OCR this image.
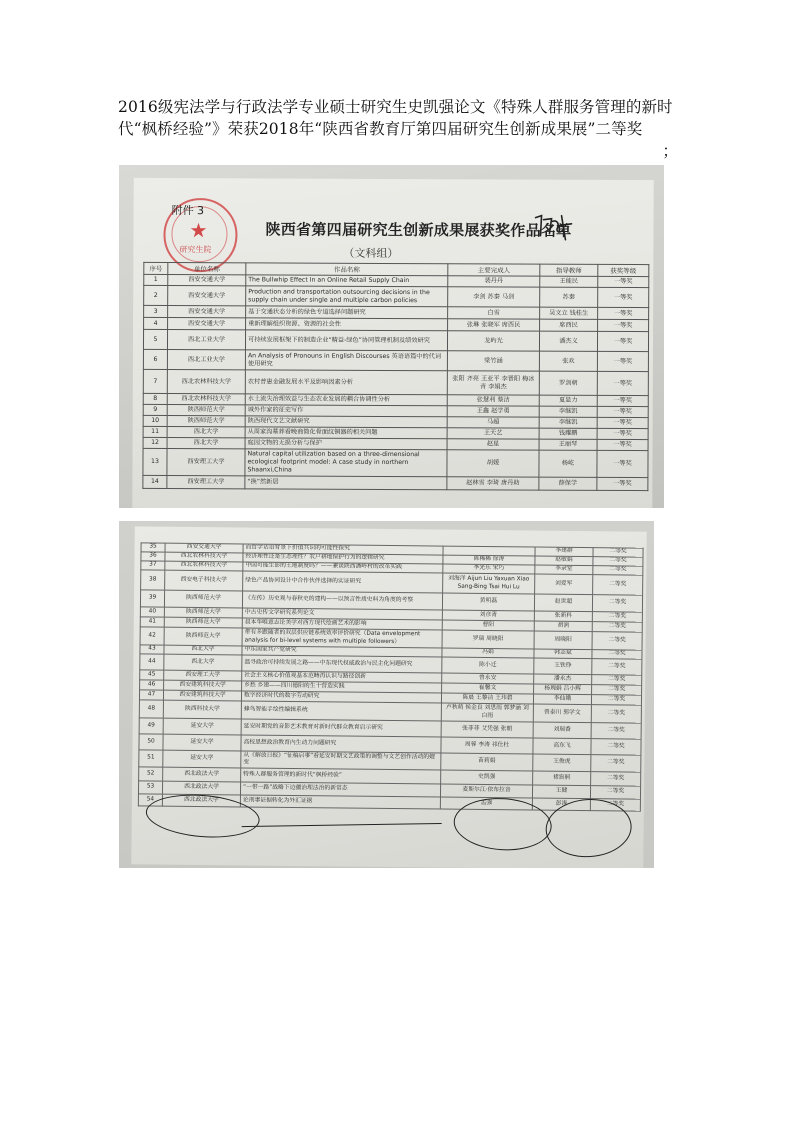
2016级宪法学与行政法学专业硕士研究生史凯强论文《特殊人群服务管理的新时代“枫桥经验”》荣获2018年“陕西省教育厅第四届研究生创新成果展”二等奖
；
★
研究生院
附件 3
陕西省第四届研究生创新成果展获奖作品名单
（文科组）
序号	单位名称	作品名称	主要完成人	指导教师	获奖等级
1	西安交通大学	The Bullwhip Effect In an Online Retail Supply Chain	裴丹丹	王能民	一等奖
2	西安交通大学	Production and transportation outsourcing decisions in the supply chain under single and multiple carbon policies	李剑 苏秦 马剑	苏秦	一等奖
3	西安交通大学	基于交通状态分析的绿色专道选择问题研究	白雪	吴文立 钱桂生	一等奖
4	西安交通大学	重新理解组织资源、资源的社会性	张琳 张晓军 席酉民	席酉民	一等奖
5	西北工业大学	可持续发展框架下的制造企业“精益-绿色”协同管理机制及绩效研究	龙屿光	潘杰义	一等奖
6	西北工业大学	An Analysis of Pronouns in English Discourses 英语语篇中的代词使用研究	梁竹涵	张欢	一等奖
7	西北农林科技大学	农村普惠金融发展水平及影响因素分析	张阳 齐亮 王亚平 李晋阳 梅冰青 李娟杰	罗剑朝	一等奖
8	西北农林科技大学	水土流失治理效益与生态农业发展的耦合协调性分析	张慧利 蔡洁	夏显力	一等奖
9	陕西师范大学	城外作家的征史写作	王鑫 赵学勇	李继凯	一等奖
10	陕西师范大学	陕西现代文艺文献研究	马超	李继凯	一等奖
11	西北大学	从周家沟墓葬看晚商简化骨面纹铜器的相关问题	王天艺	钱耀鹏	一等奖
12	西北大学	庭园文物的无损分析与保护	赵星	王丽琴	一等奖
13	西安理工大学	Natural capital utilization based on a three-dimensional ecological footprint model: A case study in northern Shaanxi,China	胡媛	杨屹	一等奖
14	西安理工大学	“换”然新居	赵林雪 李琦 唐丹助	薛保学	一等奖
35	西安交通大学	而哲学话语背景下价值共识的可能性探究		李建群	二等奖
36	西北农林科技大学	经济理性还是生态理性？农户耕地保护行为的逻辑研究	陈稀稀 徐涛	赵敏娟	二等奖
37	西北农林科技大学	中国可能生影的土地制度吗？——兼谈陕西潘岭村的改革实践	李光乐 宋巧	李录堂	二等奖
38	西安电子科技大学	绿色产品协同设计中合作伙伴选择的实证研究	刘海洋 Aijun Liu Yaxuan Xiao Sang-Bing Tsai Hui Lu	刘爱军	二等奖
39	陕西师范大学	《左传》历史观与春秋史的建构——以预言性质史料为角度的考察	黄明磊	赵世超	二等奖
40	陕西师范大学	中古史传文学研究系列论文	刘彦青	张新科	二等奖
41	陕西师范大学	叔本华唯意志论美学对西方现代绘画艺术的影响	曹阳	胡润	二等奖
42	陕西师范大学	带有多跟随者的双层供应链系统效率评价研究（Data envelopment analysis for bi-level systems with multiple followers）	罗瑞 周晓阳	周晓阳	二等奖
43	西北大学	中东国家共产党研究	冯娟	韩志斌	二等奖
44	西北大学	温寻政治可持续发展之路——中东现代权威政治与民主化问题研究	陈小迁	王铁铮	二等奖
45	西安理工大学	社会主义核心价值观基本范畴再认识与路径创新	曾永安	潘永杰	二等奖
46	西安建筑科技大学	乡愁 乡建——四川德阳的生十营造实践	崔馨文	杨琬娟 吕小辉	二等奖
47	西安建筑科技大学	数字经济时代的数字劳动研究	陈晨 王黎洁 王玮碧	李仙娥	二等奖
48	陕西科技大学	蜂鸟智能手绘性编辑系统	卢秋萌 侯金良 刘思雨 郭梦涵 刘白雨	曾泰川 郭学文	二等奖
49	延安大学	延安时期党的音影艺术教育对新时代群众教育启示研究	张菲菲 艾凭强 张朝	刘瑞香	二等奖
50	延安大学	高校思想政治教育内生动力问题研究	周蓉 李涛 祁仕杜	高东飞	二等奖
51	延安大学	从《解放日报》“征稿启事”看延安时期文艺政策的调整与文艺创作活动的嬗变	苗莉娟	王俊虎	二等奖
52	西北政法大学	特殊人群服务管理的新时代“枫桥经验”	史凯强	褚宸舸	二等奖
53	西北政法大学	“一带一路”战略下边疆治理法治的新常态	麦斯尔江·依布拉音	王健	二等奖
54	西北政法大学	论刑事证据转化为外汇证据	孟强	彭涛	二等奖
